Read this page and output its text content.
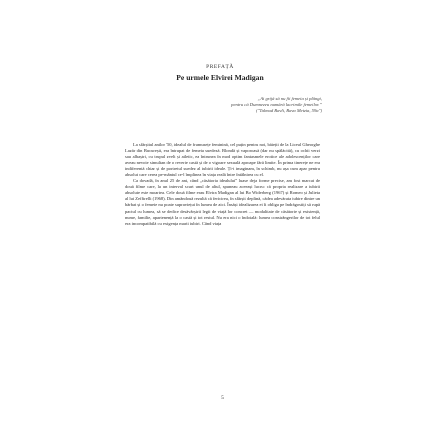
PREFAȚĂ
Pe urmele Elvirei Madigan
„Ai grijă să nu fii femeia și plângi,
pentru că Dumnezeu numără lacrimile femeilor.”
("Talmud Bavli, Bava Metzia, 59a")

La sfârșitul anilor '50, idealul de frumusețe feminină, cel puțin pentru noi, băieții de la Liceul Gheorghe Lazăr din București, era întrupat de femeia suedeză. Blondă și vaporoasă (dar nu spălăcită), cu ochii verzi sau albaștri, cu trupul zvelt și atletic, ea întrunea în mod optim fantasmele erotice ale adolescenților care aveau nevoie simultan de o reverie castă și de o vigoare sexuală aproape fără limite. În prima tinerețe ne era indiferentă chiar și de portretul suedez al iubirii ideale. Ți-i imaginam, în schimb, nu așa cum apar pentru absolut care cerea pe-mântul ce-l împlinea în viața reală între întâlnirea cu el.

Ca dovadă, în anul 25 de ani, când „căsătoria idealului” luase deja forme precise, am fost marcat de două filme care, la un interval scurt unul de altul, spuneau aceeași lucru: că propria realizare a iubirii absolute este moartea. Cele două filme erau Elvira Madigan al lui Bo Widerberg (1967) și Romeo și Julieta al lui Zeffirelli (1968). Din amândouă rezultă că fericirea, în sfârșit deplină, cădea adevărata iubire dintre un bărbat și o femeie nu poate supraviețui în lumea de aici. Însăși idealizarea ei îi obliga pe îndrăgostiți să rupă pactul cu lumea, să se dedice desăvârșirii legii de viață lor concret — modalitate de căsătorie și existență, nume, familie, apartenență la o castă și tot restul. Nu era nici o îndoială: lumea constrângerilor de tot felul era incompatibilă cu exigența marii iubiri. Când viața

5
